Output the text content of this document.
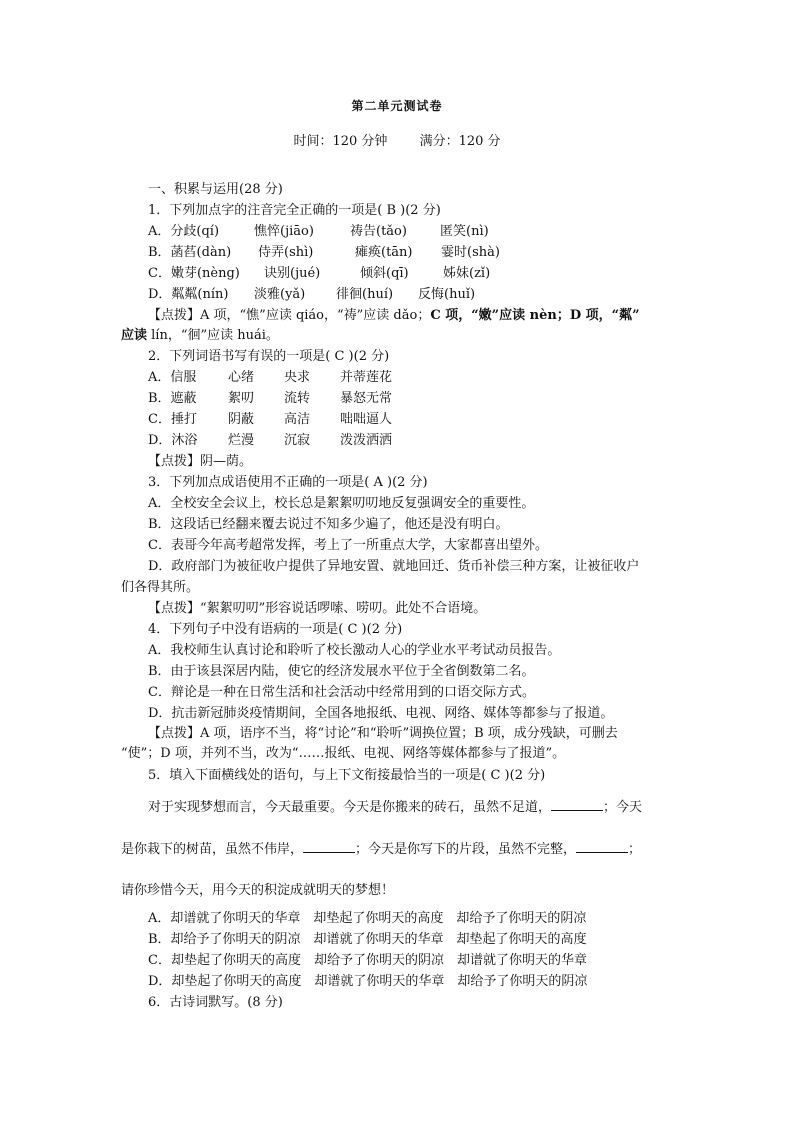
第二单元测试卷
时间：120 分钟 满分：120 分
一、积累与运用(28 分)
1．下列加点字的注音完全正确的一项是( B )(2 分)
A．分歧(qí)	憔悴(jiāo)	祷告(tǎo)	匿笑(nì)
B．菡萏(dàn) 侍弄(shì)	瘫痪(tān) 霎时(shà)
C．嫩芽(nèng) 诀别(jué)	倾斜(qī)	姊妹(zǐ)
D．粼粼(nín) 淡雅(yǎ) 徘徊(huí) 反悔(huǐ)
【点拨】A 项，“憔”应读 qiáo，“祷”应读 dǎo；C 项，“嫩”应读 nèn；D 项，“粼”
应读 lín，“徊”应读 huái。
2．下列词语书写有误的一项是( C )(2 分)
A．信服 心绪 央求 并蒂莲花
B．遮蔽 絮叨 流转 暴怒无常
C．捶打 阴蔽 高洁 咄咄逼人
D．沐浴 烂漫 沉寂 泼泼洒洒
【点拨】阴—荫。
3．下列加点成语使用不正确的一项是( A )(2 分)
A．全校安全会议上，校长总是絮絮叨叨地反复强调安全的重要性。
B．这段话已经翻来覆去说过不知多少遍了，他还是没有明白。
C．表哥今年高考超常发挥，考上了一所重点大学，大家都喜出望外。
D．政府部门为被征收户提供了异地安置、就地回迁、货币补偿三种方案，让被征收户
们各得其所。
【点拨】“絮絮叨叨”形容说话啰嗦、唠叨。此处不合语境。
4．下列句子中没有语病的一项是( C )(2 分)
A．我校师生认真讨论和聆听了校长激动人心的学业水平考试动员报告。
B．由于该县深居内陆，使它的经济发展水平位于全省倒数第二名。
C．辩论是一种在日常生活和社会活动中经常用到的口语交际方式。
D．抗击新冠肺炎疫情期间，全国各地报纸、电视、网络、媒体等都参与了报道。
【点拨】A 项，语序不当，将“讨论”和“聆听”调换位置；B 项，成分残缺，可删去
“使”；D 项，并列不当，改为“……报纸、电视、网络等媒体都参与了报道”。
5．填入下面横线处的语句，与上下文衔接最恰当的一项是( C )(2 分)
对于实现梦想而言，今天最重要。今天是你搬来的砖石，虽然不足道，	；今天
是你栽下的树苗，虽然不伟岸，	；今天是你写下的片段，虽然不完整，	；
请你珍惜今天，用今天的积淀成就明天的梦想！
A．却谱就了你明天的华章　却垫起了你明天的高度　却给予了你明天的阴凉
B．却给予了你明天的阴凉　却谱就了你明天的华章　却垫起了你明天的高度
C．却垫起了你明天的高度　却给予了你明天的阴凉　却谱就了你明天的华章
D．却垫起了你明天的高度　却谱就了你明天的华章　却给予了你明天的阴凉
6．古诗词默写。(8 分)
